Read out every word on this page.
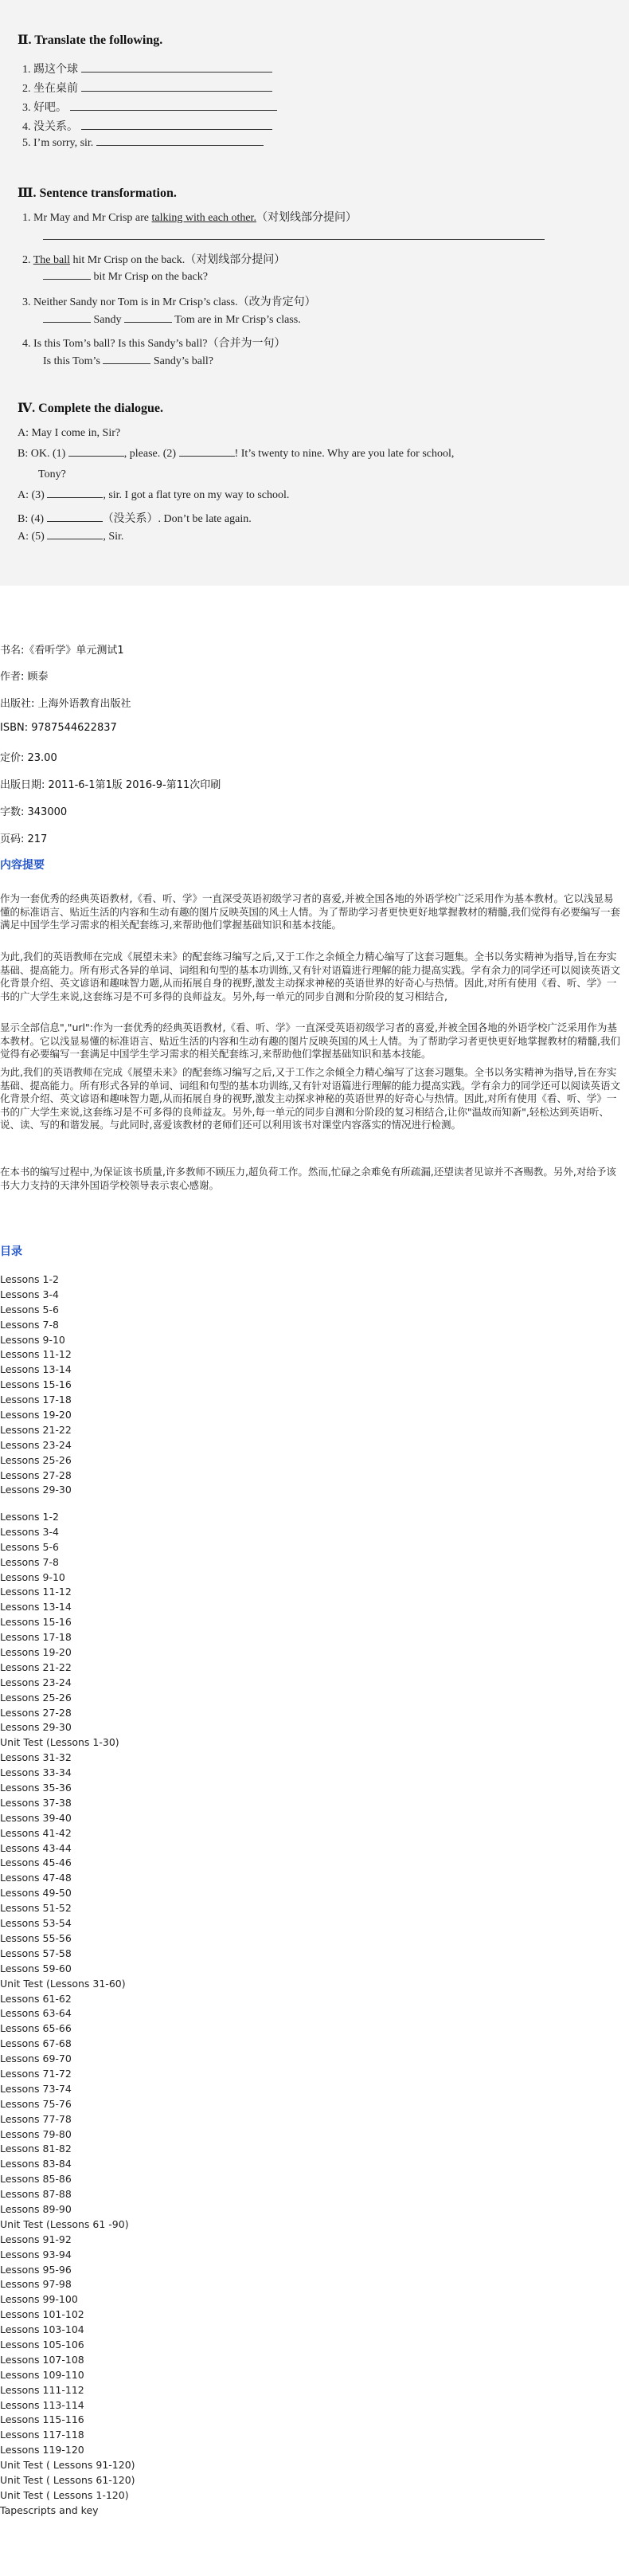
Ⅱ. Translate the following.
1. 踢这个球
2. 坐在桌前
3. 好吧。
4. 没关系。
5. I’m sorry, sir.
Ⅲ. Sentence transformation.
1. Mr May and Mr Crisp are talking with each other.（对划线部分提问）
2. The ball hit Mr Crisp on the back.（对划线部分提问）
bit Mr Crisp on the back?
3. Neither Sandy nor Tom is in Mr Crisp’s class.（改为肯定句）
Sandy	Tom are in Mr Crisp’s class.
4. Is this Tom’s ball? Is this Sandy’s ball?（合并为一句）
Is this Tom’s	Sandy’s ball?
Ⅳ. Complete the dialogue.
A: May I come in, Sir?
B: OK. (1)	, please. (2)	! It’s twenty to nine. Why are you late for school,
Tony?
A: (3)	, sir. I got a flat tyre on my way to school.
B: (4)	（没关系）. Don’t be late again.
A: (5)	, Sir.
书名:《看听学》单元测试1
作者: 顾泰
出版社: 上海外语教育出版社
ISBN: 9787544622837
定价: 23.00
出版日期: 2011-6-1第1版 2016-9-第11次印刷
字数: 343000
页码: 217
内容提要
作为一套优秀的经典英语教材,《看、听、学》一直深受英语初级学习者的喜爱,并被全国各地的外语学校广泛采用作为基本教材。它以浅显易懂的标准语言、贴近生活的内容和生动有趣的图片反映英国的风土人情。为了帮助学习者更快更好地掌握教材的精髓,我们觉得有必要编写一套满足中国学生学习需求的相关配套练习,来帮助他们掌握基础知识和基本技能。
为此,我们的英语教师在完成《展望未来》的配套练习编写之后,又于工作之余倾全力精心编写了这套习题集。全书以务实精神为指导,旨在夯实基础、提高能力。所有形式各异的单词、词组和句型的基本功训练,又有针对语篇进行理解的能力提高实践。学有余力的同学还可以阅读英语文化背景介绍、英文谚语和趣味智力题,从而拓展自身的视野,激发主动探求神秘的英语世界的好奇心与热情。因此,对所有使用《看、听、学》一书的广大学生来说,这套练习是不可多得的良师益友。另外,每一单元的同步自测和分阶段的复习相结合,
显示全部信息","url":作为一套优秀的经典英语教材,《看、听、学》一直深受英语初级学习者的喜爱,并被全国各地的外语学校广泛采用作为基本教材。它以浅显易懂的标准语言、贴近生活的内容和生动有趣的图片反映英国的风土人情。为了帮助学习者更快更好地掌握教材的精髓,我们觉得有必要编写一套满足中国学生学习需求的相关配套练习,来帮助他们掌握基础知识和基本技能。
为此,我们的英语教师在完成《展望未来》的配套练习编写之后,又于工作之余倾全力精心编写了这套习题集。全书以务实精神为指导,旨在夯实基础、提高能力。所有形式各异的单词、词组和句型的基本功训练,又有针对语篇进行理解的能力提高实践。学有余力的同学还可以阅读英语文化背景介绍、英文谚语和趣味智力题,从而拓展自身的视野,激发主动探求神秘的英语世界的好奇心与热情。因此,对所有使用《看、听、学》一书的广大学生来说,这套练习是不可多得的良师益友。另外,每一单元的同步自测和分阶段的复习相结合,让你"温故而知新",轻松达到英语听、说、读、写的和谐发展。与此同时,喜爱该教材的老师们还可以利用该书对课堂内容落实的情况进行检测。
在本书的编写过程中,为保证该书质量,许多教师不顾压力,超负荷工作。然而,忙碌之余难免有所疏漏,还望读者见谅并不吝赐教。另外,对给予该书大力支持的天津外国语学校领导表示衷心感谢。
目录
Lessons 1-2
Lessons 3-4
Lessons 5-6
Lessons 7-8
Lessons 9-10
Lessons 11-12
Lessons 13-14
Lessons 15-16
Lessons 17-18
Lessons 19-20
Lessons 21-22
Lessons 23-24
Lessons 25-26
Lessons 27-28
Lessons 29-30
Lessons 1-2
Lessons 3-4
Lessons 5-6
Lessons 7-8
Lessons 9-10
Lessons 11-12
Lessons 13-14
Lessons 15-16
Lessons 17-18
Lessons 19-20
Lessons 21-22
Lessons 23-24
Lessons 25-26
Lessons 27-28
Lessons 29-30
Unit Test (Lessons 1-30)
Lessons 31-32
Lessons 33-34
Lessons 35-36
Lessons 37-38
Lessons 39-40
Lessons 41-42
Lessons 43-44
Lessons 45-46
Lessons 47-48
Lessons 49-50
Lessons 51-52
Lessons 53-54
Lessons 55-56
Lessons 57-58
Lessons 59-60
Unit Test (Lessons 31-60)
Lessons 61-62
Lessons 63-64
Lessons 65-66
Lessons 67-68
Lessons 69-70
Lessons 71-72
Lessons 73-74
Lessons 75-76
Lessons 77-78
Lessons 79-80
Lessons 81-82
Lessons 83-84
Lessons 85-86
Lessons 87-88
Lessons 89-90
Unit Test (Lessons 61 -90)
Lessons 91-92
Lessons 93-94
Lessons 95-96
Lessons 97-98
Lessons 99-100
Lessons 101-102
Lessons 103-104
Lessons 105-106
Lessons 107-108
Lessons 109-110
Lessons 111-112
Lessons 113-114
Lessons 115-116
Lessons 117-118
Lessons 119-120
Unit Test ( Lessons 91-120)
Unit Test ( Lessons 61-120)
Unit Test ( Lessons 1-120)
Tapescripts and key
